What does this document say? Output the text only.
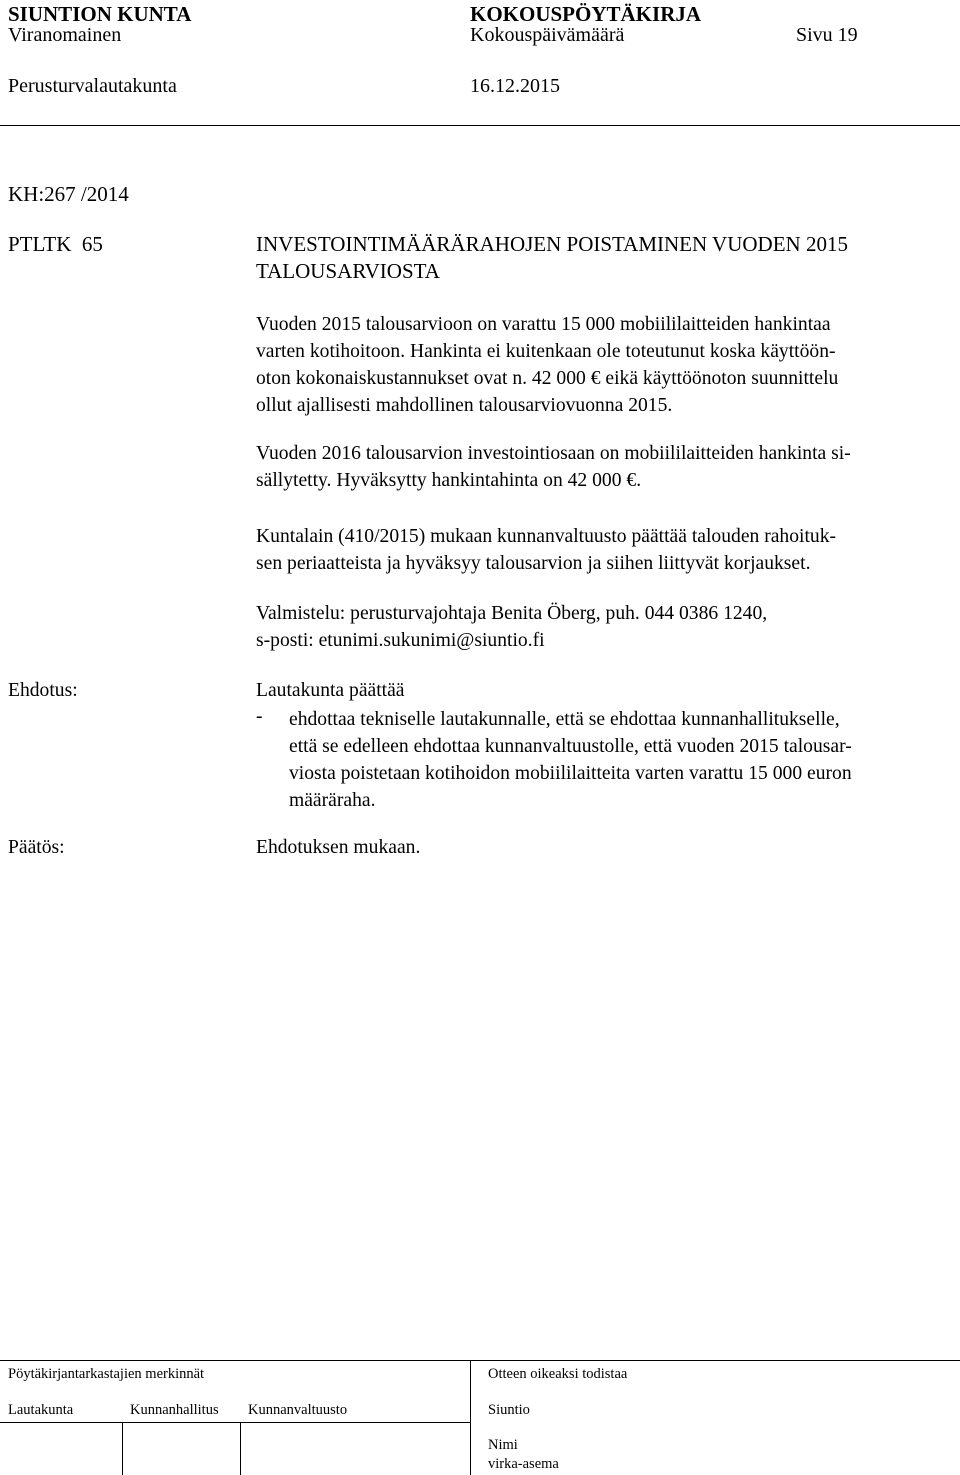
SIUNTION KUNTA	KOKOUSPÖYTÄKIRJA
Viranomainen	Kokouspäivämäärä	Sivu 19
Perusturvalautakunta	16.12.2015
KH:267 /2014
PTLTK  65	INVESTOINTIMÄÄRÄRAHOJEN POISTAMINEN VUODEN 2015
TALOUSARVIOSTA
Vuoden 2015 talousarvioon on varattu 15 000 mobiililaitteiden hankintaa
varten kotihoitoon. Hankinta ei kuitenkaan ole toteutunut koska käyttöön-
oton kokonaiskustannukset ovat n. 42 000 € eikä käyttöönoton suunnittelu
ollut ajallisesti mahdollinen talousarviovuonna 2015.
Vuoden 2016 talousarvion investointiosaan on mobiililaitteiden hankinta si-
sällytetty. Hyväksytty hankintahinta on 42 000 €.
Kuntalain (410/2015) mukaan kunnanvaltuusto päättää talouden rahoituk-
sen periaatteista ja hyväksyy talousarvion ja siihen liittyvät korjaukset.
Valmistelu: perusturvajohtaja Benita Öberg, puh. 044 0386 1240,
s-posti: etunimi.sukunimi@siuntio.fi
Ehdotus:	Lautakunta päättää
- ehdottaa tekniselle lautakunnalle, että se ehdottaa kunnanhallitukselle,
että se edelleen ehdottaa kunnanvaltuustolle, että vuoden 2015 talousar-
viosta poistetaan kotihoidon mobiililaitteita varten varattu 15 000 euron
määräraha.
Päätös:	Ehdotuksen mukaan.
Pöytäkirjantarkastajien merkinnät	Otteen oikeaksi todistaa
Lautakunta	Kunnanhallitus Kunnanvaltuusto	Siuntio
Nimi
virka-asema
